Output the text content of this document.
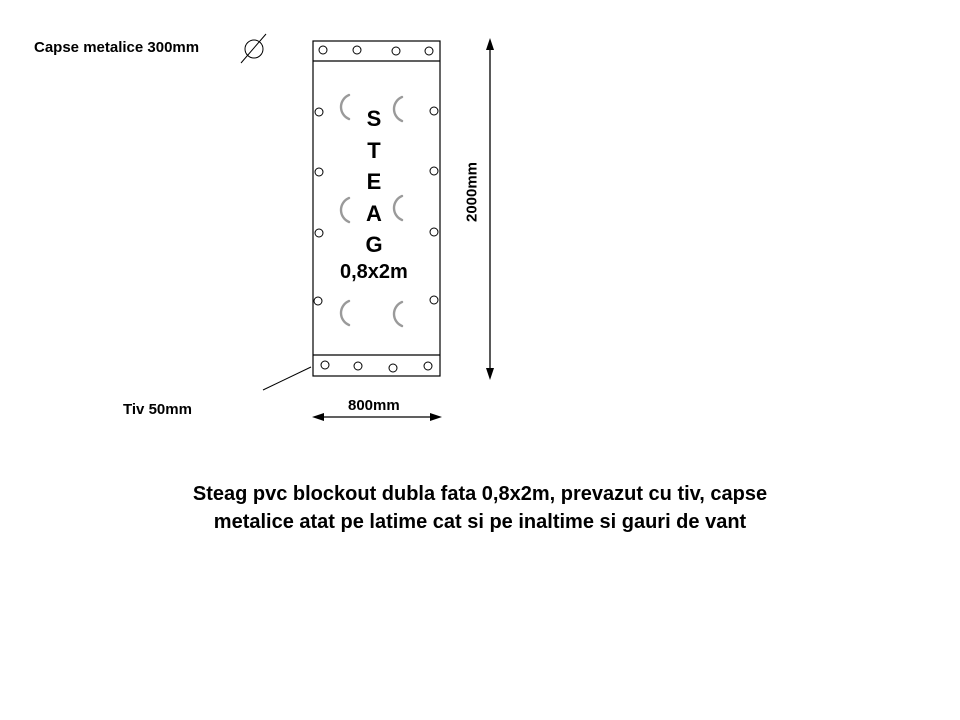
Capse metalice 300mm
Tiv 50mm	800mm
2000mm
S
T
E
A
G
0,8x2m
Steag pvc blockout dubla fata 0,8x2m, prevazut cu tiv, capse
metalice atat pe latime cat si pe inaltime si gauri de vant
